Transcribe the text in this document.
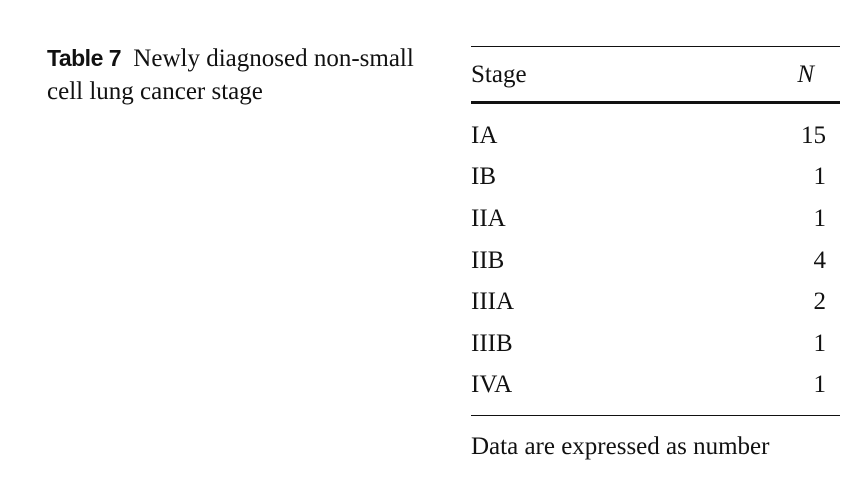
Table 7 Newly diagnosed non-small cell lung cancer stage
Stage	N
IA	15
IB	1
IIA	1
IIB	4
IIIA	2
IIIB	1
IVA	1
Data are expressed as number
